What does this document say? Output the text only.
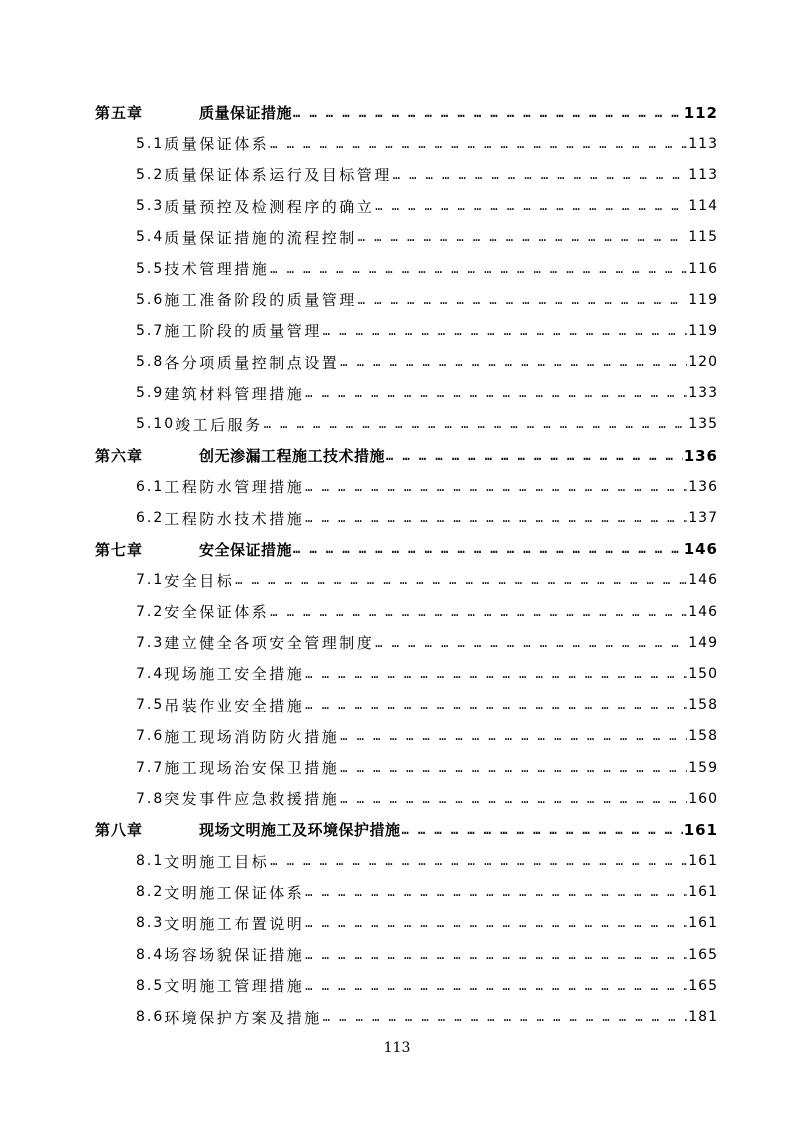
第五章	质量保证措施 … … … … … … … … … … … … … … … … … … … … … … … … … … … … … … … … … … … … … … … … … …	112
5.1 质量保证体系 … … … … … … … … … … … … … … … … … … … … … … … … … … … … … … … … … … … … … … … … … …	113
5.2 质量保证体系运行及目标管理 … … … … … … … … … … … … … … … … … … … … … … … … … … … … … … … … … … … … … … … … … …	113
5.3 质量预控及检测程序的确立 … … … … … … … … … … … … … … … … … … … … … … … … … … … … … … … … … … … … … … … … … …	114
5.4 质量保证措施的流程控制 … … … … … … … … … … … … … … … … … … … … … … … … … … … … … … … … … … … … … … … … … …	115
5.5 技术管理措施 … … … … … … … … … … … … … … … … … … … … … … … … … … … … … … … … … … … … … … … … … …	116
5.6 施工准备阶段的质量管理 … … … … … … … … … … … … … … … … … … … … … … … … … … … … … … … … … … … … … … … … … …	119
5.7 施工阶段的质量管理 … … … … … … … … … … … … … … … … … … … … … … … … … … … … … … … … … … … … … … … … … …	119
5.8 各分项质量控制点设置 … … … … … … … … … … … … … … … … … … … … … … … … … … … … … … … … … … … … … … … … … …	120
5.9 建筑材料管理措施 … … … … … … … … … … … … … … … … … … … … … … … … … … … … … … … … … … … … … … … … … …	133
5.10 竣工后服务 … … … … … … … … … … … … … … … … … … … … … … … … … … … … … … … … … … … … … … … … … …	135
第六章	创无渗漏工程施工技术措施 … … … … … … … … … … … … … … … … … … … … … … … … … … … … … … … … … … … … … … … … … …	136
6.1 工程防水管理措施 … … … … … … … … … … … … … … … … … … … … … … … … … … … … … … … … … … … … … … … … … …	136
6.2 工程防水技术措施 … … … … … … … … … … … … … … … … … … … … … … … … … … … … … … … … … … … … … … … … … …	137
第七章	安全保证措施 … … … … … … … … … … … … … … … … … … … … … … … … … … … … … … … … … … … … … … … … … …	146
7.1 安全目标 … … … … … … … … … … … … … … … … … … … … … … … … … … … … … … … … … … … … … … … … … …	146
7.2 安全保证体系 … … … … … … … … … … … … … … … … … … … … … … … … … … … … … … … … … … … … … … … … … …	146
7.3 建立健全各项安全管理制度 … … … … … … … … … … … … … … … … … … … … … … … … … … … … … … … … … … … … … … … … … …	149
7.4 现场施工安全措施 … … … … … … … … … … … … … … … … … … … … … … … … … … … … … … … … … … … … … … … … … …	150
7.5 吊装作业安全措施 … … … … … … … … … … … … … … … … … … … … … … … … … … … … … … … … … … … … … … … … … …	158
7.6 施工现场消防防火措施 … … … … … … … … … … … … … … … … … … … … … … … … … … … … … … … … … … … … … … … … … …	158
7.7 施工现场治安保卫措施 … … … … … … … … … … … … … … … … … … … … … … … … … … … … … … … … … … … … … … … … … …	159
7.8 突发事件应急救援措施 … … … … … … … … … … … … … … … … … … … … … … … … … … … … … … … … … … … … … … … … … …	160
第八章	现场文明施工及环境保护措施 … … … … … … … … … … … … … … … … … … … … … … … … … … … … … … … … … … … … … … … … … …	161
8.1 文明施工目标 … … … … … … … … … … … … … … … … … … … … … … … … … … … … … … … … … … … … … … … … … …	161
8.2 文明施工保证体系 … … … … … … … … … … … … … … … … … … … … … … … … … … … … … … … … … … … … … … … … … …	161
8.3 文明施工布置说明 … … … … … … … … … … … … … … … … … … … … … … … … … … … … … … … … … … … … … … … … … …	161
8.4 场容场貌保证措施 … … … … … … … … … … … … … … … … … … … … … … … … … … … … … … … … … … … … … … … … … …	165
8.5 文明施工管理措施 … … … … … … … … … … … … … … … … … … … … … … … … … … … … … … … … … … … … … … … … … …	165
8.6 环境保护方案及措施 … … … … … … … … … … … … … … … … … … … … … … … … … … … … … … … … … … … … … … … … … …	181
113
